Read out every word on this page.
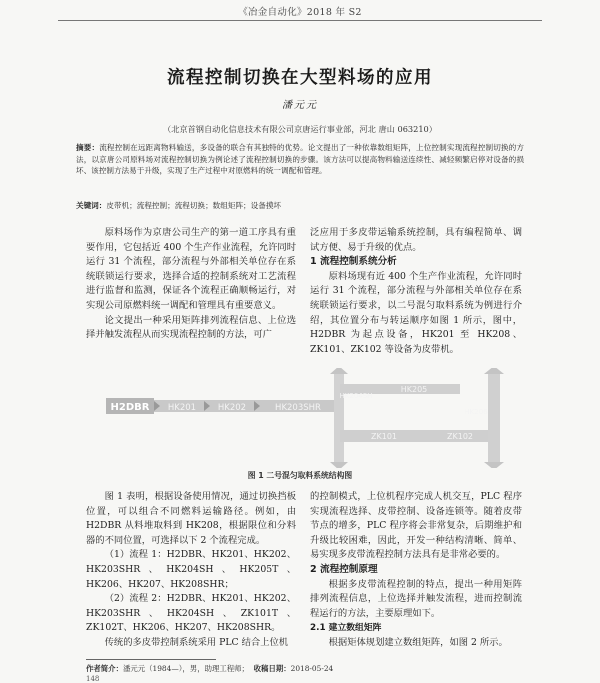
《冶金自动化》2018 年 S2
流程控制切换在大型料场的应用
潘元元
（北京首钢自动化信息技术有限公司京唐运行事业部，河北 唐山 063210）
摘要：流程控制在远距离物料输送，多设备的联合有其独特的优势。论文提出了一种依靠数组矩阵，上位控制实现流程控制切换的方法，以京唐公司原料场对流程控制切换为例论述了流程控制切换的步骤。该方法可以提高物料输送连续性、减轻频繁启停对设备的损坏、该控制方法易于升级，实现了生产过程中对原燃料的统一调配和管理。
关键词：皮带机；流程控制；流程切换；数组矩阵；设备摸坏

原料场作为京唐公司生产的第一道工序具有重要作用，它包括近 400 个生产作业流程，允许同时运行 31 个流程，部分流程与外部相关单位存在系统联锁运行要求，选择合适的控制系统对工艺流程进行监督和监测，保证各个流程正确顺畅运行，对实现公司原燃料统一调配和管理具有重要意义。

论文提出一种采用矩阵排列流程信息、上位选择并触发流程从而实现流程控制的方法，可广

泛应用于多皮带运输系统控制，具有编程简单、调试方便、易于升级的优点。

1 流程控制系统分析

原料场现有近 400 个生产作业流程，允许同时运行 31 个流程，部分流程与外部相关单位存在系统联锁运行要求，以二号混匀取料系统为例进行介绍，其位置分布与转运顺序如图 1 所示，图中，H2DBR 为起点设备，HK201 至 HK208、ZK101、ZK102 等设备为皮带机。

H2DBR HK201	HK202	HK203SHR
HK204SH
HK205
ZK101	ZK102
HK206
图 1 二号混匀取料系统结构图

图 1 表明，根据设备使用情况，通过切换挡板位置，可以组合不同燃料运输路径。例如，由 H2DBR 从料堆取料到 HK208，根据限位和分料器的不同位置，可选择以下 2 个流程完成。

（1）流程 1：H2DBR、HK201、HK202、HK203SHR、HK204SH、HK205T、HK206、HK207、HK208SHR；

（2）流程 2：H2DBR、HK201、HK202、HK203SHR、HK204SH、ZK101T、ZK102T、HK206、HK207、HK208SHR。

传统的多皮带控制系统采用 PLC 结合上位机

的控制模式，上位机程序完成人机交互，PLC 程序实现流程选择、皮带控制、设备连锁等。随着皮带节点的增多，PLC 程序将会非常复杂，后期维护和升级比较困难，因此，开发一种结构清晰、简单、易实现多皮带流程控制方法具有是非常必要的。

2 流程控制原理

根据多皮带流程控制的特点，提出一种用矩阵排列流程信息，上位选择并触发流程，进而控制流程运行的方法，主要原理如下。

2.1 建立数组矩阵

根据矩体规划建立数组矩阵，如图 2 所示。

作者简介：潘元元（1984—），男，助理工程师； 收稿日期：2018-05-24
148
